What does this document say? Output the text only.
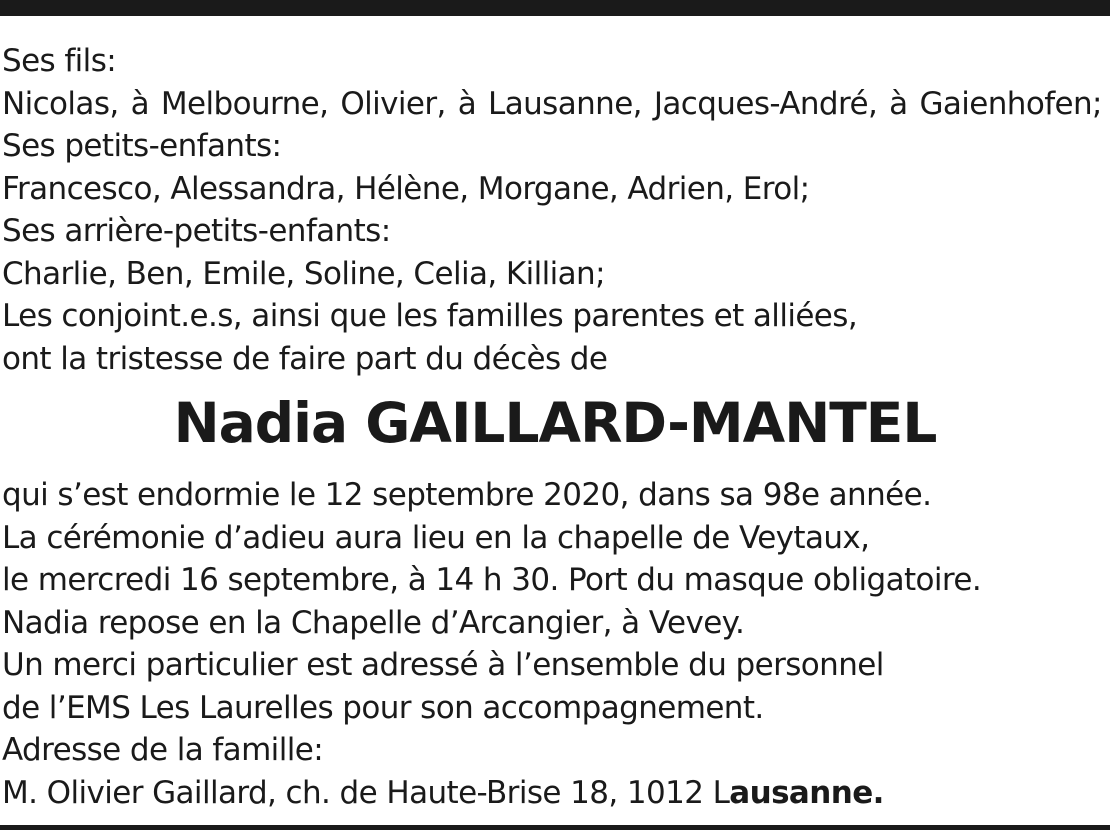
Ses fils:
Nicolas, à Melbourne, Olivier, à Lausanne, Jacques-André, à Gaienhofen;
Ses petits-enfants:
Francesco, Alessandra, Hélène, Morgane, Adrien, Erol;
Ses arrière-petits-enfants:
Charlie, Ben, Emile, Soline, Celia, Killian;
Les conjoint.e.s, ainsi que les familles parentes et alliées,
ont la tristesse de faire part du décès de
Nadia GAILLARD-MANTEL
qui s’est endormie le 12 septembre 2020, dans sa 98e année.
La cérémonie d’adieu aura lieu en la chapelle de Veytaux,
le mercredi 16 septembre, à 14 h 30. Port du masque obligatoire.
Nadia repose en la Chapelle d’Arcangier, à Vevey.
Un merci particulier est adressé à l’ensemble du personnel
de l’EMS Les Laurelles pour son accompagnement.
Adresse de la famille:
M. Olivier Gaillard, ch. de Haute-Brise 18, 1012 Lausanne.
